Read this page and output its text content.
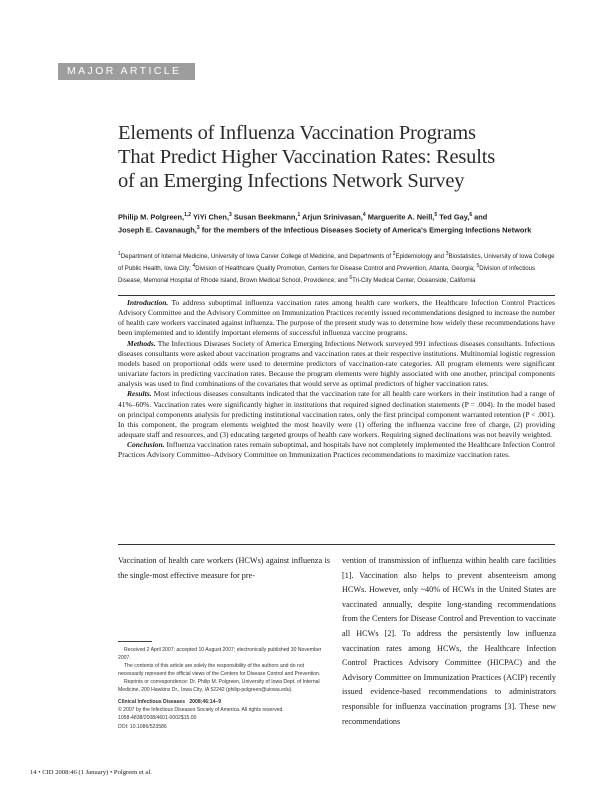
MAJOR ARTICLE
Elements of Influenza Vaccination Programs
That Predict Higher Vaccination Rates: Results
of an Emerging Infections Network Survey
Philip M. Polgreen,$^{1,2}$ YiYi Chen,$^3$ Susan Beekmann,$^1$ Arjun Srinivasan,$^4$ Marguerite A. Neill,$^5$ Ted Gay,$^6$ and
Joseph E. Cavanaugh,$^3$ for the members of the Infectious Diseases Society of America's Emerging Infections Network
$^1$Department of Internal Medicine, University of Iowa Carver College of Medicine, and Departments of $^2$Epidemiology and $^3$Biostatistics, University of Iowa College of Public Health, Iowa City; $^4$Division of Healthcare Quality Promotion, Centers for Disease Control and Prevention, Atlanta, Georgia; $^5$Division of Infectious Disease, Memorial Hospital of Rhode Island, Brown Medical School, Providence; and $^6$Tri-City Medical Center, Oceanside, California

Introduction. To address suboptimal influenza vaccination rates among health care workers, the Healthcare Infection Control Practices Advisory Committee and the Advisory Committee on Immunization Practices recently issued recommendations designed to increase the number of health care workers vaccinated against influenza. The purpose of the present study was to determine how widely these recommendations have been implemented and to identify important elements of successful influenza vaccine programs.

Methods. The Infectious Diseases Society of America Emerging Infections Network surveyed 991 infectious diseases consultants. Infectious diseases consultants were asked about vaccination programs and vaccination rates at their respective institutions. Multinomial logistic regression models based on proportional odds were used to determine predictors of vaccination-rate categories. All program elements were significant univariate factors in predicting vaccination rates. Because the program elements were highly associated with one another, principal components analysis was used to find combinations of the covariates that would serve as optimal predictors of higher vaccination rates.

Results. Most infectious diseases consultants indicated that the vaccination rate for all health care workers in their institution had a range of 41%–60%. Vaccination rates were significantly higher in institutions that required signed declination statements (P = .004). In the model based on principal components analysis for predicting institutional vaccination rates, only the first principal component warranted retention (P < .001). In this component, the program elements weighted the most heavily were (1) offering the influenza vaccine free of charge, (2) providing adequate staff and resources, and (3) educating targeted groups of health care workers. Requiring signed declinations was not heavily weighted.

Conclusion. Influenza vaccination rates remain suboptimal, and hospitals have not completely implemented the Healthcare Infection Control Practices Advisory Committee–Advisory Committee on Immunization Practices recommendations to maximize vaccination rates.

Vaccination of health care workers (HCWs) against influenza is the single-most effective measure for pre-

Received 2 April 2007; accepted 10 August 2007; electronically published 30 November 2007.

The contents of this article are solely the responsibility of the authors and do not necessarily represent the official views of the Centers for Disease Control and Prevention.

Reprints or correspondence: Dr. Philip M. Polgreen, University of Iowa Dept. of Internal Medicine, 200 Hawkins Dr., Iowa City, IA 52242 (philip-polgreen@uiowa.edu).

Clinical Infectious Diseases   2008;46:14–9

© 2007 by the Infectious Diseases Society of America. All rights reserved.

1058-4838/2008/4601-0002$15.00

DOI: 10.1086/523586

vention of transmission of influenza within health care facilities [1]. Vaccination also helps to prevent absenteeism among HCWs. However, only ~40% of HCWs in the United States are vaccinated annually, despite long-standing recommendations from the Centers for Disease Control and Prevention to vaccinate all HCWs [2]. To address the persistently low influenza vaccination rates among HCWs, the Healthcare Infection Control Practices Advisory Committee (HICPAC) and the Advisory Committee on Immunization Practices (ACIP) recently issued evidence-based recommendations to administrators responsible for influenza vaccination programs [3]. These new recommendations
14 • CID 2008:46 (1 January) • Polgreen et al.
